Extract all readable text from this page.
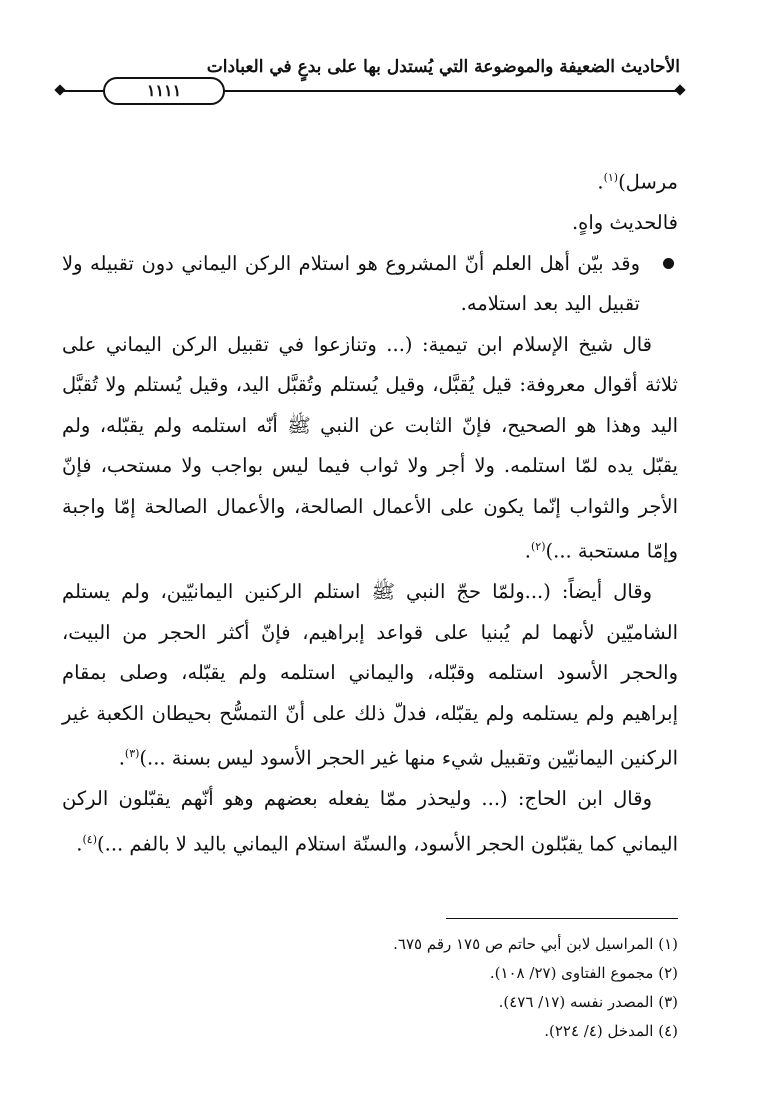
١١١١
الأحاديث الضعيفة والموضوعة التي يُستدل بها على بدعٍ في العبادات

مرسل)$^{(١)}$.

فالحديث واهٍ.

وقد بيّن أهل العلم أنّ المشروع هو استلام الركن اليماني دون تقبيله ولا تقبيل اليد بعد استلامه.

قال شيخ الإسلام ابن تيمية: (... وتنازعوا في تقبيل الركن اليماني على ثلاثة أقوال معروفة: قيل يُقبَّل، وقيل يُستلم وتُقبَّل اليد، وقيل يُستلم ولا تُقبَّل اليد وهذا هو الصحيح، فإنّ الثابت عن النبي ﷺ أنّه استلمه ولم يقبّله، ولم يقبّل يده لمّا استلمه. ولا أجر ولا ثواب فيما ليس بواجب ولا مستحب، فإنّ الأجر والثواب إنّما يكون على الأعمال الصالحة، والأعمال الصالحة إمّا واجبة وإمّا مستحبة ...)$^{(٢)}$.

وقال أيضاً: (...ولمّا حجّ النبي ﷺ استلم الركنين اليمانيّين، ولم يستلم الشاميّين لأنهما لم يُبنيا على قواعد إبراهيم، فإنّ أكثر الحجر من البيت، والحجر الأسود استلمه وقبّله، واليماني استلمه ولم يقبّله، وصلى بمقام إبراهيم ولم يستلمه ولم يقبّله، فدلّ ذلك على أنّ التمسُّح بحيطان الكعبة غير الركنين اليمانيّين وتقبيل شيء منها غير الحجر الأسود ليس بسنة ...)$^{(٣)}$.

وقال ابن الحاج: (... وليحذر ممّا يفعله بعضهم وهو أنّهم يقبّلون الركن اليماني كما يقبّلون الحجر الأسود، والسنّة استلام اليماني باليد لا بالفم ...)$^{(٤)}$.

(١) المراسيل لابن أبي حاتم ص ١٧٥ رقم ٦٧٥.
(٢) مجموع الفتاوى (٢٧/ ١٠٨).
(٣) المصدر نفسه (١٧/ ٤٧٦).
(٤) المدخل (٤/ ٢٢٤).
